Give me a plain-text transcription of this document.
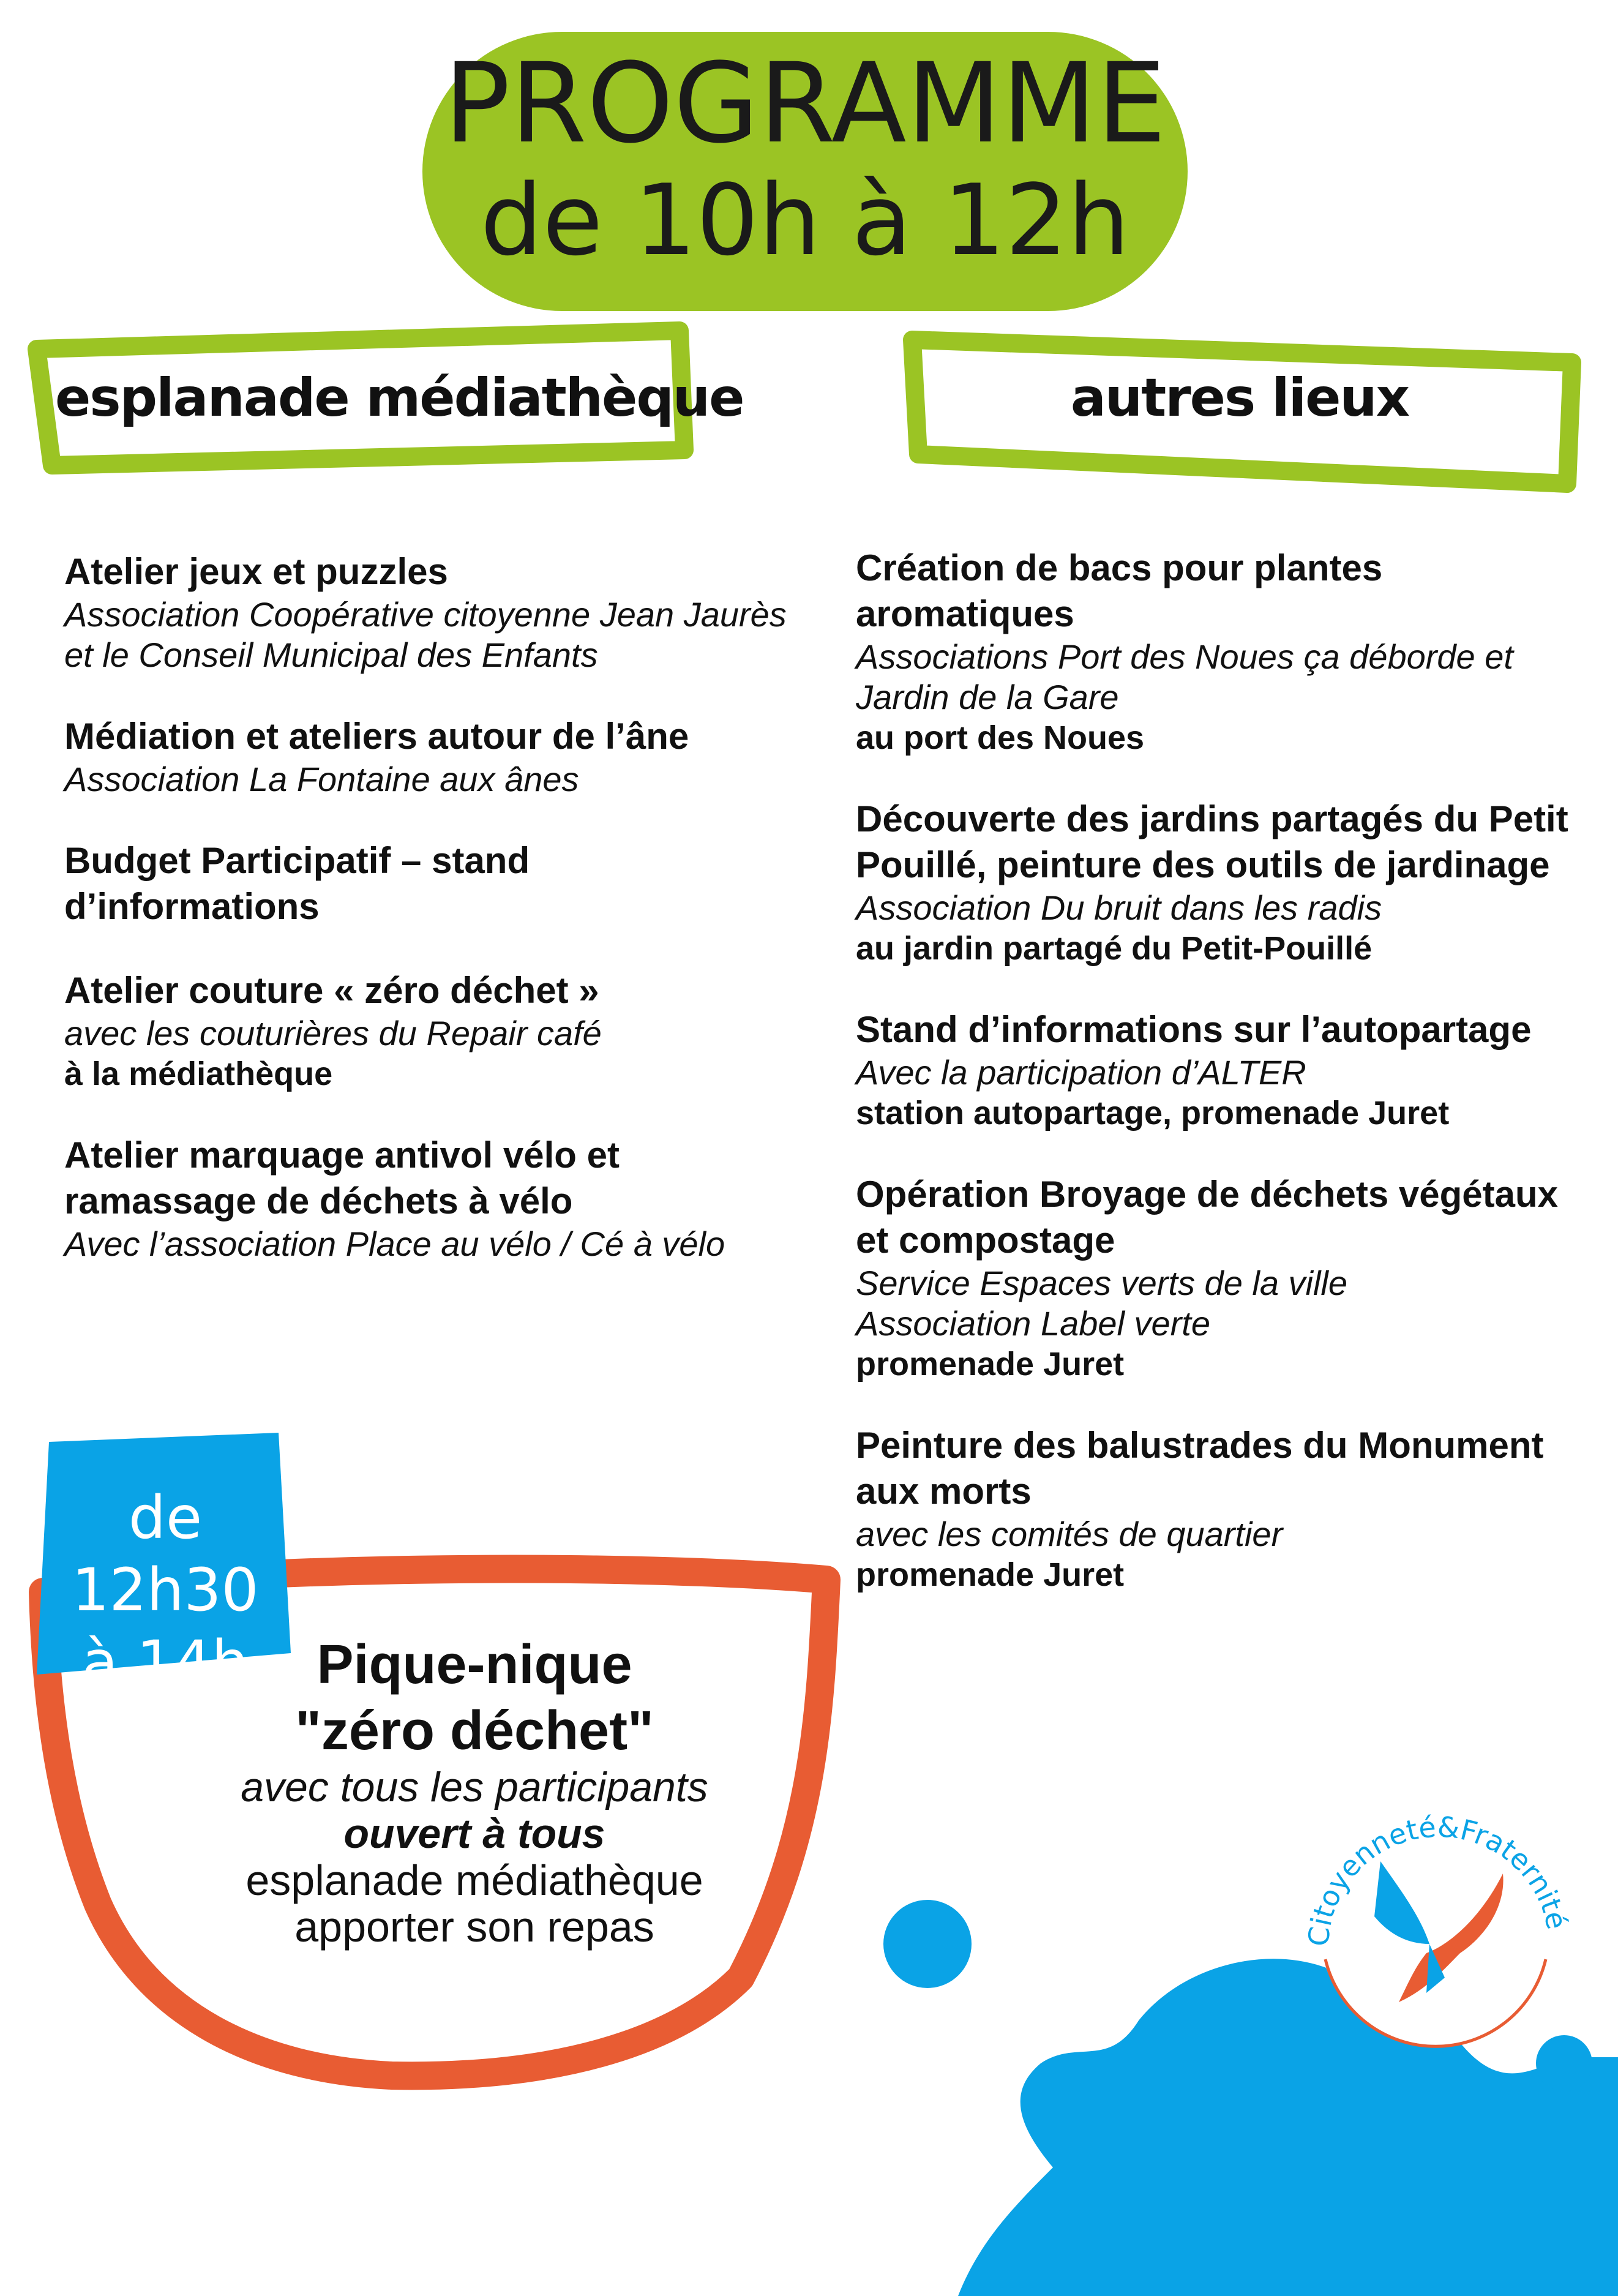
Citoyenneté&Fraternité
PROGRAMME
de 10h à 12h
esplanade médiathèque	autres lieux
Atelier jeux et puzzles
Association Coopérative citoyenne Jean Jaurès et le Conseil Municipal des Enfants
Médiation et ateliers autour de l’âne
Association La Fontaine aux ânes
Budget Participatif – stand d’informations
Atelier couture « zéro déchet »
avec les couturières du Repair café
à la médiathèque
Atelier marquage antivol vélo et ramassage de déchets à vélo
Avec l’association Place au vélo / Cé à vélo
Création de bacs pour plantes aromatiques
Associations Port des Noues ça déborde et Jardin de la Gare
au port des Noues
Découverte des jardins partagés du Petit Pouillé, peinture des outils de jardinage
Association Du bruit dans les radis
au jardin partagé du Petit-Pouillé
Stand d’informations sur l’autopartage
Avec la participation d’ALTER
station autopartage, promenade Juret
Opération Broyage de déchets végétaux et compostage
Service Espaces verts de la ville Association Label verte
promenade Juret
Peinture des balustrades du Monument aux morts
avec les comités de quartier
promenade Juret
de 12h30
à 14h	Pique-nique
"zéro déchet"
avec tous les participants
ouvert à tous
esplanade médiathèque
apporter son repas
